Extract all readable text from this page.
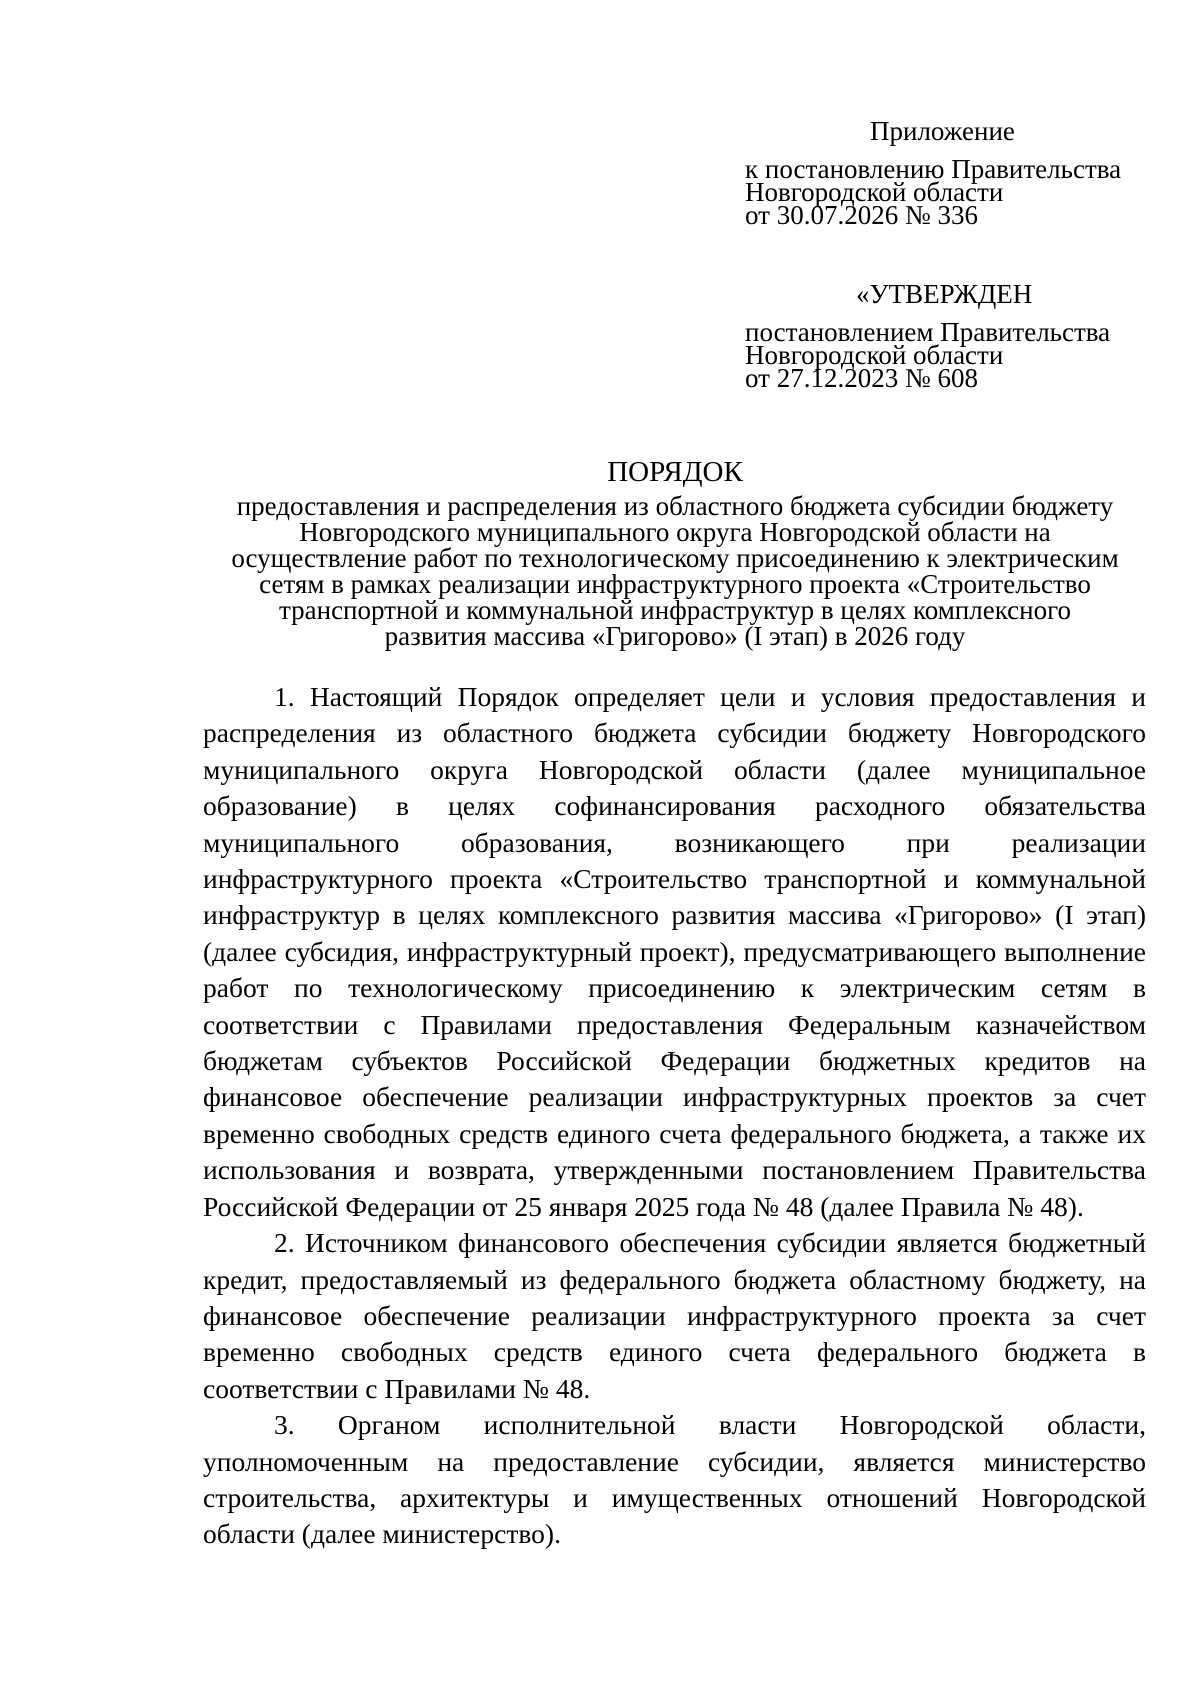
Приложение
к постановлению Правительства
Новгородской области
от 30.07.2026 № 336
«УТВЕРЖДЕН
постановлением Правительства
Новгородской области
от 27.12.2023 № 608
ПОРЯДОК
предоставления и распределения из областного бюджета субсидии бюджету
Новгородского муниципального округа Новгородской области на
осуществление работ по технологическому присоединению к электрическим
сетям в рамках реализации инфраструктурного проекта «Строительство
транспортной и коммунальной инфраструктур в целях комплексного
развития массива «Григорово» (I этап) в 2026 году

1. Настоящий Порядок определяет цели и условия предоставления и распределения из областного бюджета субсидии бюджету Новгородского муниципального округа Новгородской области (далее муниципальное образование) в целях софинансирования расходного обязательства муниципального образования, возникающего при реализации инфраструктурного проекта «Строительство транспортной и коммунальной инфраструктур в целях комплексного развития массива «Григорово» (I этап) (далее субсидия, инфраструктурный проект), предусматривающего выполнение работ по технологическому присоединению к электрическим сетям в соответствии с Правилами предоставления Федеральным казначейством бюджетам субъектов Российской Федерации бюджетных кредитов на финансовое обеспечение реализации инфраструктурных проектов за счет временно свободных средств единого счета федерального бюджета, а также их использования и возврата, утвержденными постановлением Правительства Российской Федерации от 25 января 2025 года № 48 (далее Правила № 48).

2. Источником финансового обеспечения субсидии является бюджетный кредит, предоставляемый из федерального бюджета областному бюджету, на финансовое обеспечение реализации инфраструктурного проекта за счет временно свободных средств единого счета федерального бюджета в соответствии с Правилами № 48.

3. Органом исполнительной власти Новгородской области, уполномоченным на предоставление субсидии, является министерство строительства, архитектуры и имущественных отношений Новгородской области (далее министерство).
